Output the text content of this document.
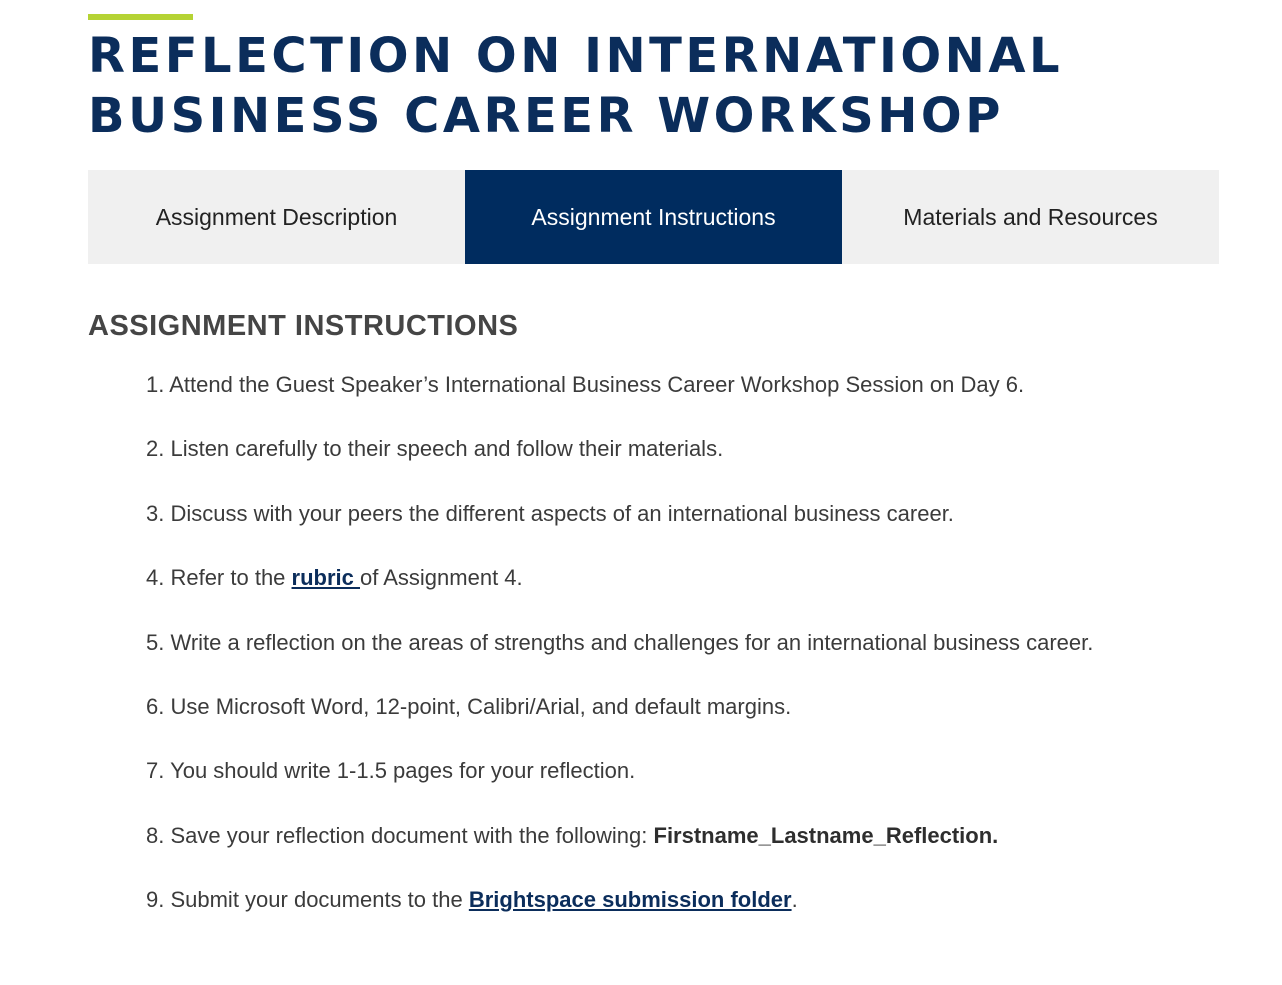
REFLECTION ON INTERNATIONAL
BUSINESS CAREER WORKSHOP
Assignment Description	Assignment Instructions	Materials and Resources
ASSIGNMENT INSTRUCTIONS
1. Attend the Guest Speaker’s International Business Career Workshop Session on Day 6.
2. Listen carefully to their speech and follow their materials.
3. Discuss with your peers the different aspects of an international business career.
4. Refer to the rubric of Assignment 4.
5. Write a reflection on the areas of strengths and challenges for an international business career.
6. Use Microsoft Word, 12-point, Calibri/Arial, and default margins.
7. You should write 1-1.5 pages for your reflection.
8. Save your reflection document with the following: Firstname_Lastname_Reflection.
9. Submit your documents to the Brightspace submission folder.
